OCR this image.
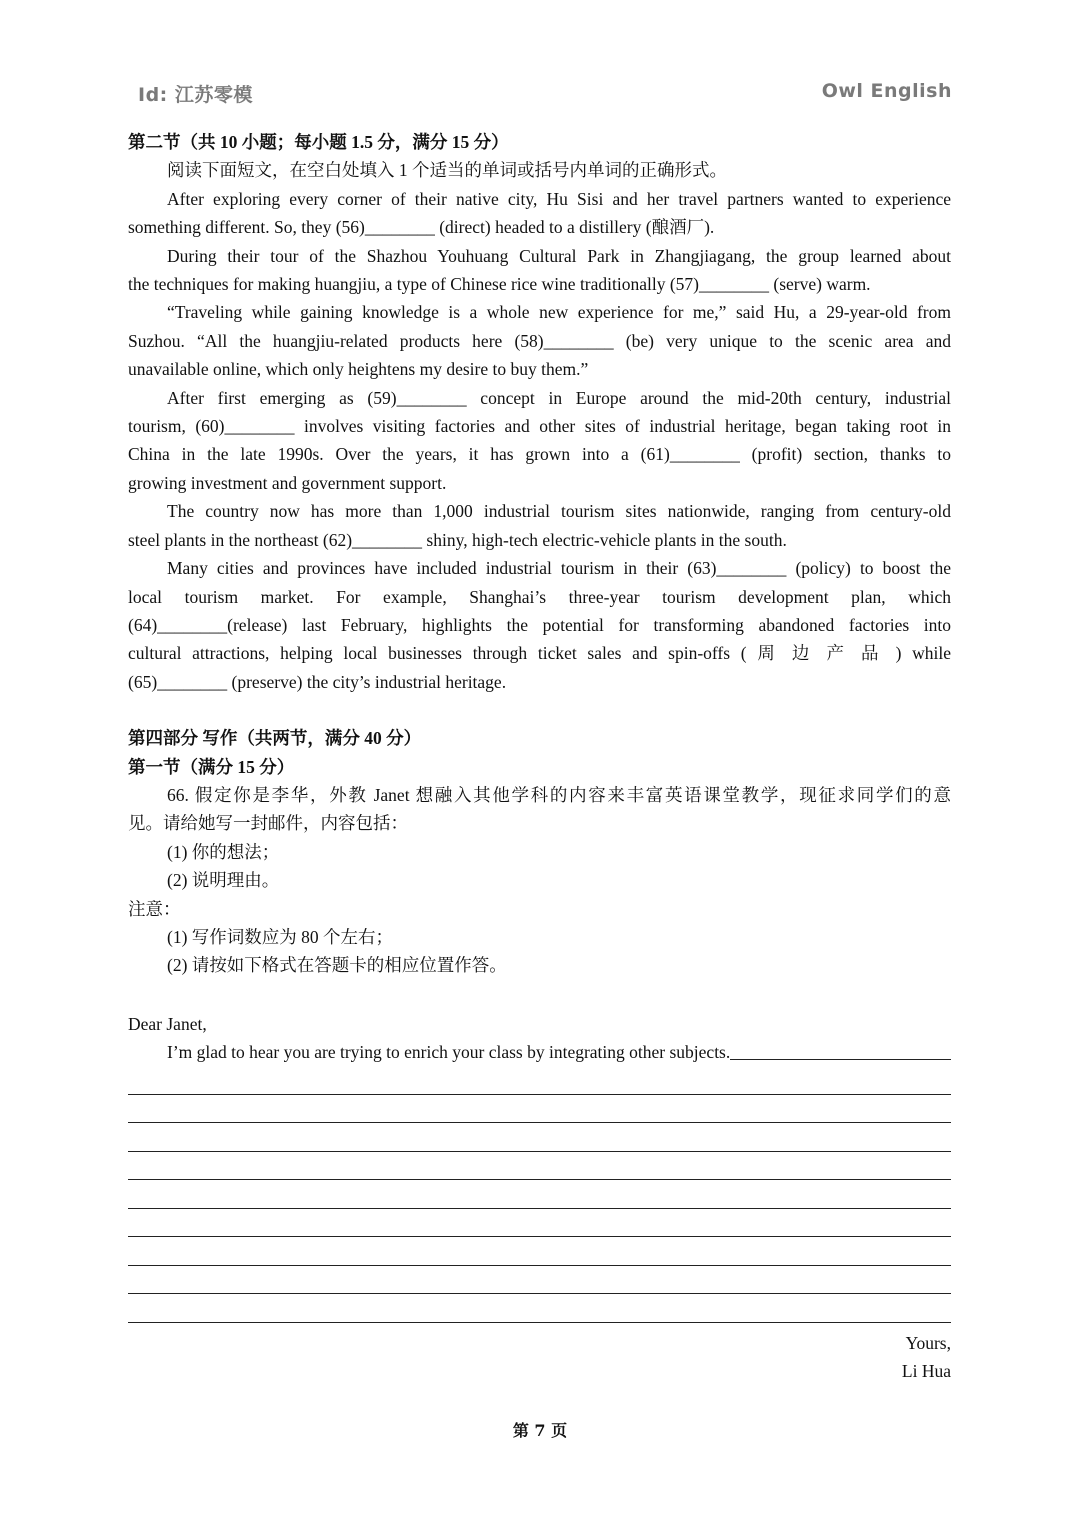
Id: 江苏零模	Owl English
第二节（共 10 小题；每小题 1.5 分，满分 15 分）
阅读下面短文，在空白处填入 1 个适当的单词或括号内单词的正确形式。
After exploring every corner of their native city, Hu Sisi and her travel partners wanted to experience
something different. So, they (56)________ (direct) headed to a distillery (酿酒厂).
During their tour of the Shazhou Youhuang Cultural Park in Zhangjiagang, the group learned about
the techniques for making huangjiu, a type of Chinese rice wine traditionally (57)________ (serve) warm.
“Traveling while gaining knowledge is a whole new experience for me,” said Hu, a 29-year-old from
Suzhou. “All the huangjiu-related products here (58)________ (be) very unique to the scenic area and
unavailable online, which only heightens my desire to buy them.”
After first emerging as (59)________ concept in Europe around the mid-20th century, industrial
tourism, (60)________ involves visiting factories and other sites of industrial heritage, began taking root in
China in the late 1990s. Over the years, it has grown into a (61)________ (profit) section, thanks to
growing investment and government support.
The country now has more than 1,000 industrial tourism sites nationwide, ranging from century-old
steel plants in the northeast (62)________ shiny, high-tech electric-vehicle plants in the south.
Many cities and provinces have included industrial tourism in their (63)________ (policy) to boost the
local tourism market. For example, Shanghai’s three-year tourism development plan, which
(64)________(release) last February, highlights the potential for transforming abandoned factories into
cultural attractions, helping local businesses through ticket sales and spin-offs ( 周 边 产 品 ) while
(65)________ (preserve) the city’s industrial heritage.
第四部分 写作（共两节，满分 40 分）
第一节（满分 15 分）
66. 假定你是李华，外教 Janet 想融入其他学科的内容来丰富英语课堂教学，现征求同学们的意
见。请给她写一封邮件，内容包括：
(1) 你的想法；
(2) 说明理由。
注意：
(1) 写作词数应为 80 个左右；
(2) 请按如下格式在答题卡的相应位置作答。
Dear Janet,
I’m glad to hear you are trying to enrich your class by integrating other subjects.
Yours,
Li Hua
第 7 页
